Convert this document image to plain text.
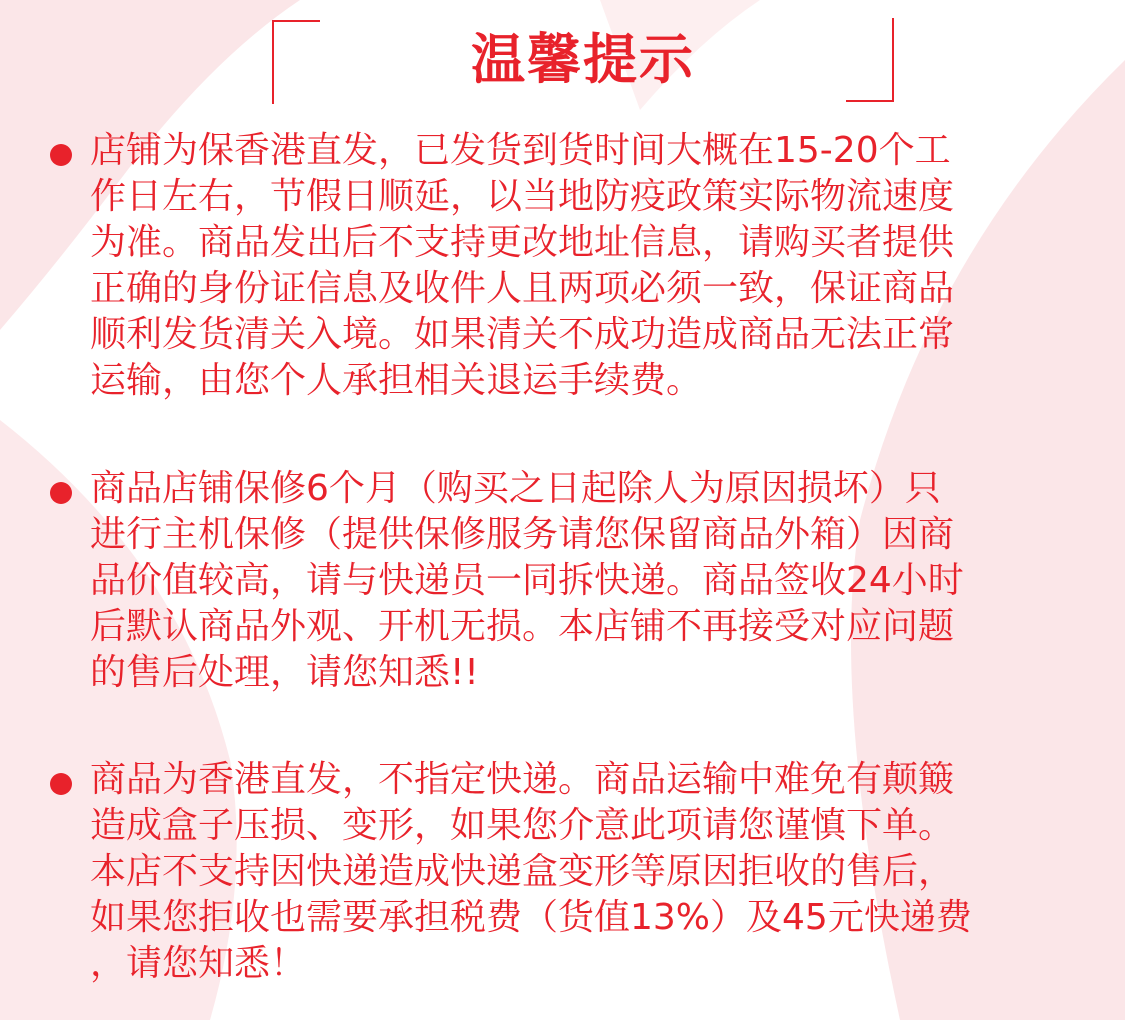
温馨提示
店铺为保香港直发，已发货到货时间大概在15-20个工
作日左右，节假日顺延，以当地防疫政策实际物流速度
为准。商品发出后不支持更改地址信息，请购买者提供
正确的身份证信息及收件人且两项必须一致，保证商品
顺利发货清关入境。如果清关不成功造成商品无法正常
运输，由您个人承担相关退运手续费。
商品店铺保修6个月（购买之日起除人为原因损坏）只
进行主机保修（提供保修服务请您保留商品外箱）因商
品价值较高，请与快递员一同拆快递。商品签收24小时
后默认商品外观、开机无损。本店铺不再接受对应问题
的售后处理，请您知悉!!
商品为香港直发，不指定快递。商品运输中难免有颠簸
造成盒子压损、变形，如果您介意此项请您谨慎下单。
本店不支持因快递造成快递盒变形等原因拒收的售后，
如果您拒收也需要承担税费（货值13%）及45元快递费
，请您知悉！
